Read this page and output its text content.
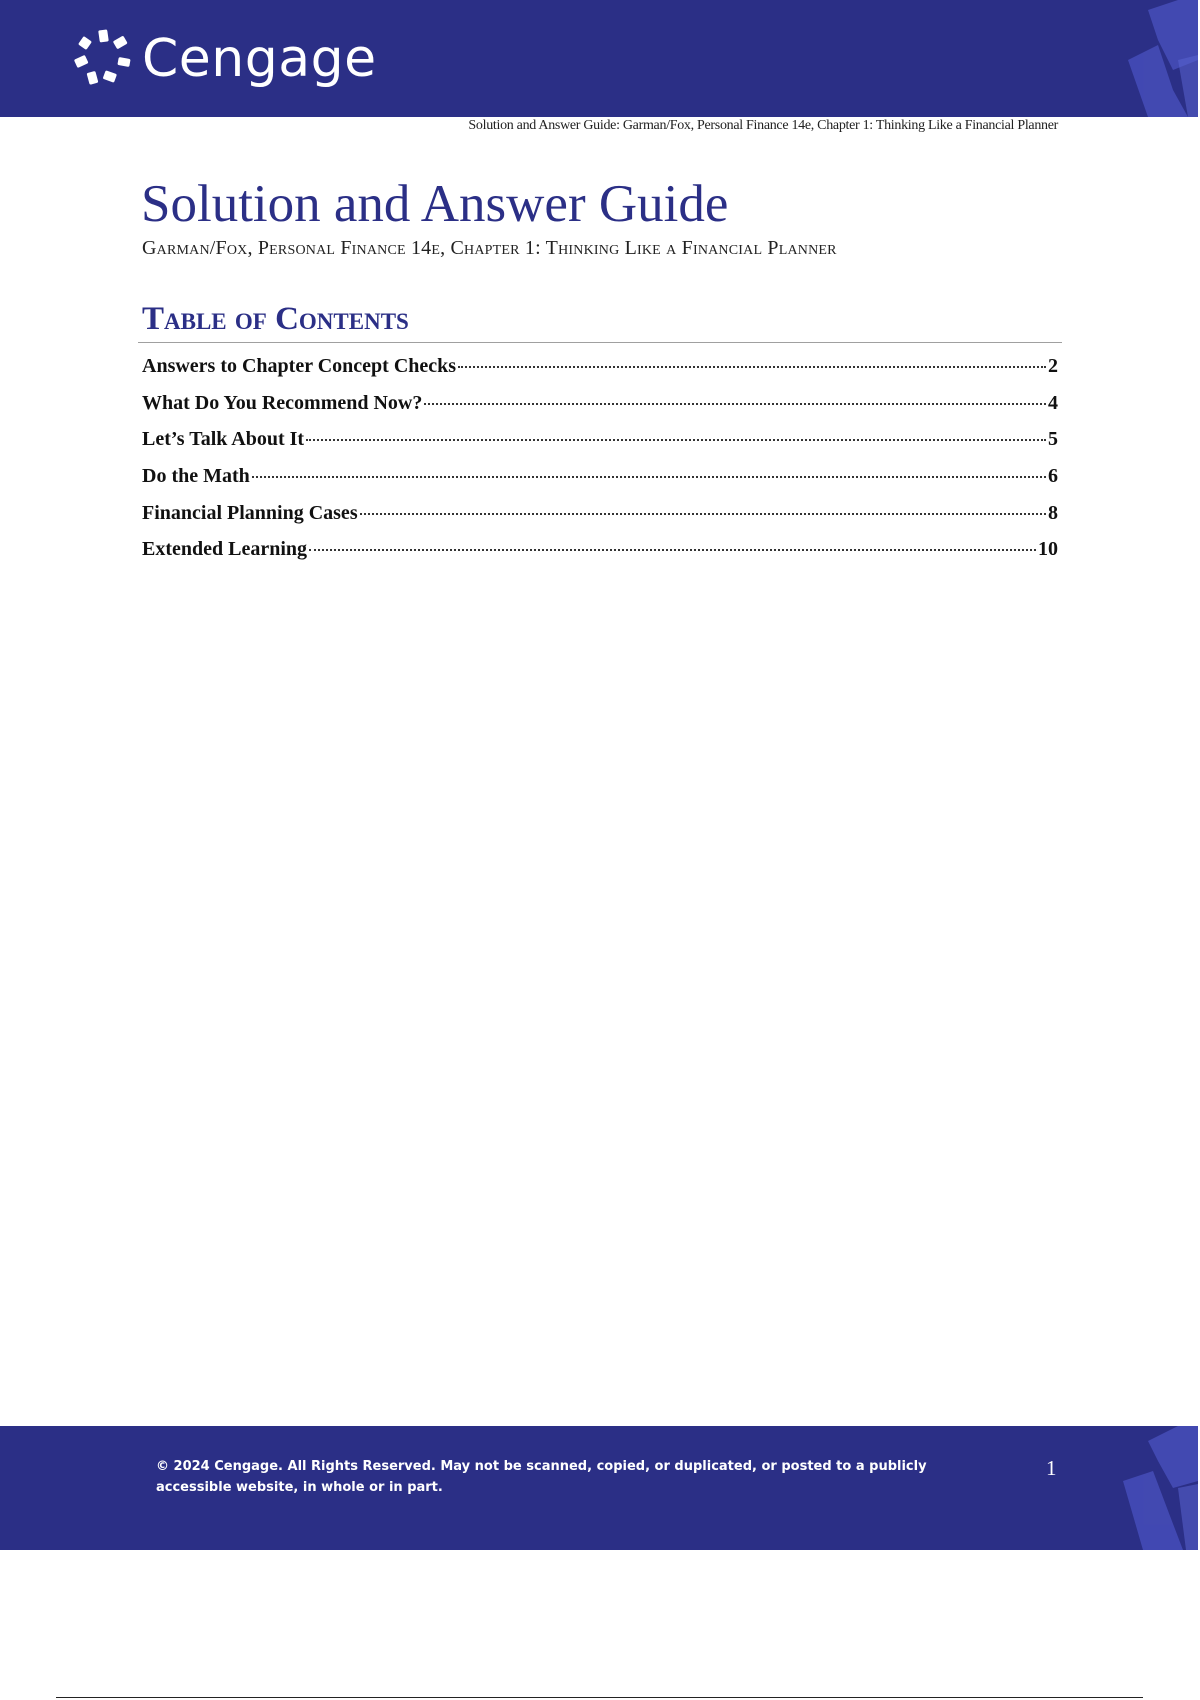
Cengage
Solution and Answer Guide: Garman/Fox, Personal Finance 14e, Chapter 1: Thinking Like a Financial Planner
Solution and Answer Guide
Garman/Fox, Personal Finance 14e, Chapter 1: Thinking Like a Financial Planner
Table of Contents
Answers to Chapter Concept Checks	2
What Do You Recommend Now?	4
Let’s Talk About It	5
Do the Math	6
Financial Planning Cases	8
Extended Learning	10
© 2024 Cengage. All Rights Reserved. May not be scanned, copied, or duplicated, or posted to a publicly accessible website, in whole or in part.
1
